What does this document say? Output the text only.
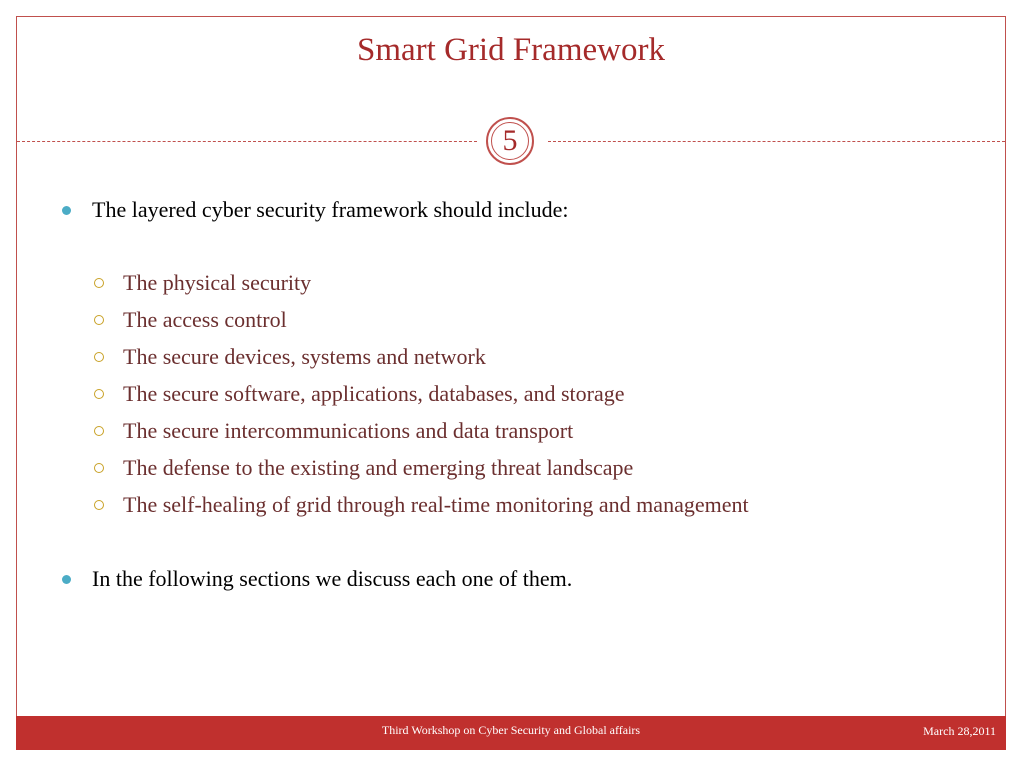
Smart Grid Framework
5
The layered cyber security framework should include:
The physical security
The access control
The secure devices, systems and network
The secure software, applications, databases, and storage
The secure intercommunications and data transport
The defense to the existing and emerging threat landscape
The self-healing of grid through real-time monitoring and management
In the following sections we discuss each one of them.
Third Workshop on Cyber Security and Global affairs	March 28,2011
